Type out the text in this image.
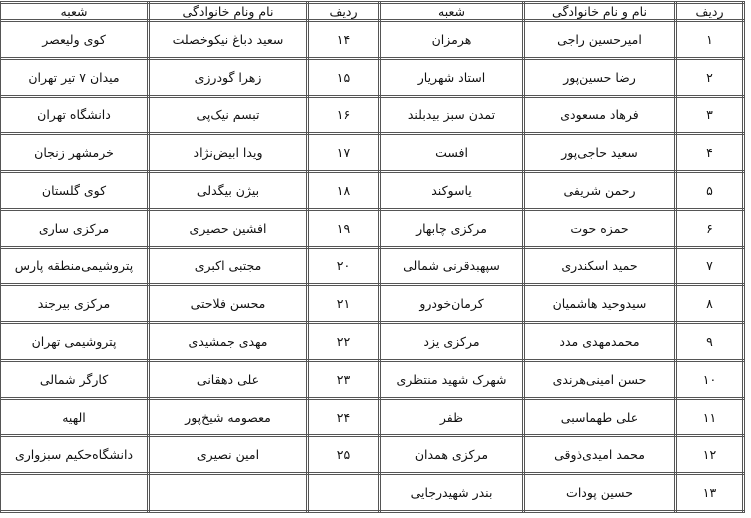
ردیف	نام و نام خانوادگی	شعبه	ردیف	نام ونام خانوادگی	شعبه
۱	امیرحسین راجی	هرمزان	۱۴	سعید دباغ نیکوخصلت	کوی ولیعصر
۲	رضا حسین‌پور	استاد شهریار	۱۵	زهرا گودرزی	میدان ۷ تیر تهران
۳	فرهاد مسعودی	تمدن سبز بیدبلند	۱۶	تبسم نیک‌پی	دانشگاه تهران
۴	سعید حاجی‌پور	افست	۱۷	ویدا ابیض‌نژاد	خرمشهر زنجان
۵	رحمن شریفی	یاسوکند	۱۸	بیژن بیگدلی	کوی گلستان
۶	حمزه حوت	مرکزی چابهار	۱۹	افشین حصیری	مرکزی ساری
۷	حمید اسکندری	سپهبدقرنی شمالی	۲۰	مجتبی اکبری	پتروشیمی‌منطقه پارس
۸	سیدوحید هاشمیان	کرمان‌خودرو	۲۱	محسن فلاحتی	مرکزی بیرجند
۹	محمدمهدی مدد	مرکزی یزد	۲۲	مهدی جمشیدی	پتروشیمی تهران
۱۰	حسن امینی‌هرندی	شهرک شهید منتظری	۲۳	علی دهقانی	کارگر شمالی
۱۱	علی طهماسبی	ظفر	۲۴	معصومه شیخ‌پور	الهیه
۱۲	محمد امیدی‌ذوقی	مرکزی همدان	۲۵	امین نصیری	دانشگاه‌حکیم سبزواری
۱۳	حسین پودات	بندر شهیدرجایی			
